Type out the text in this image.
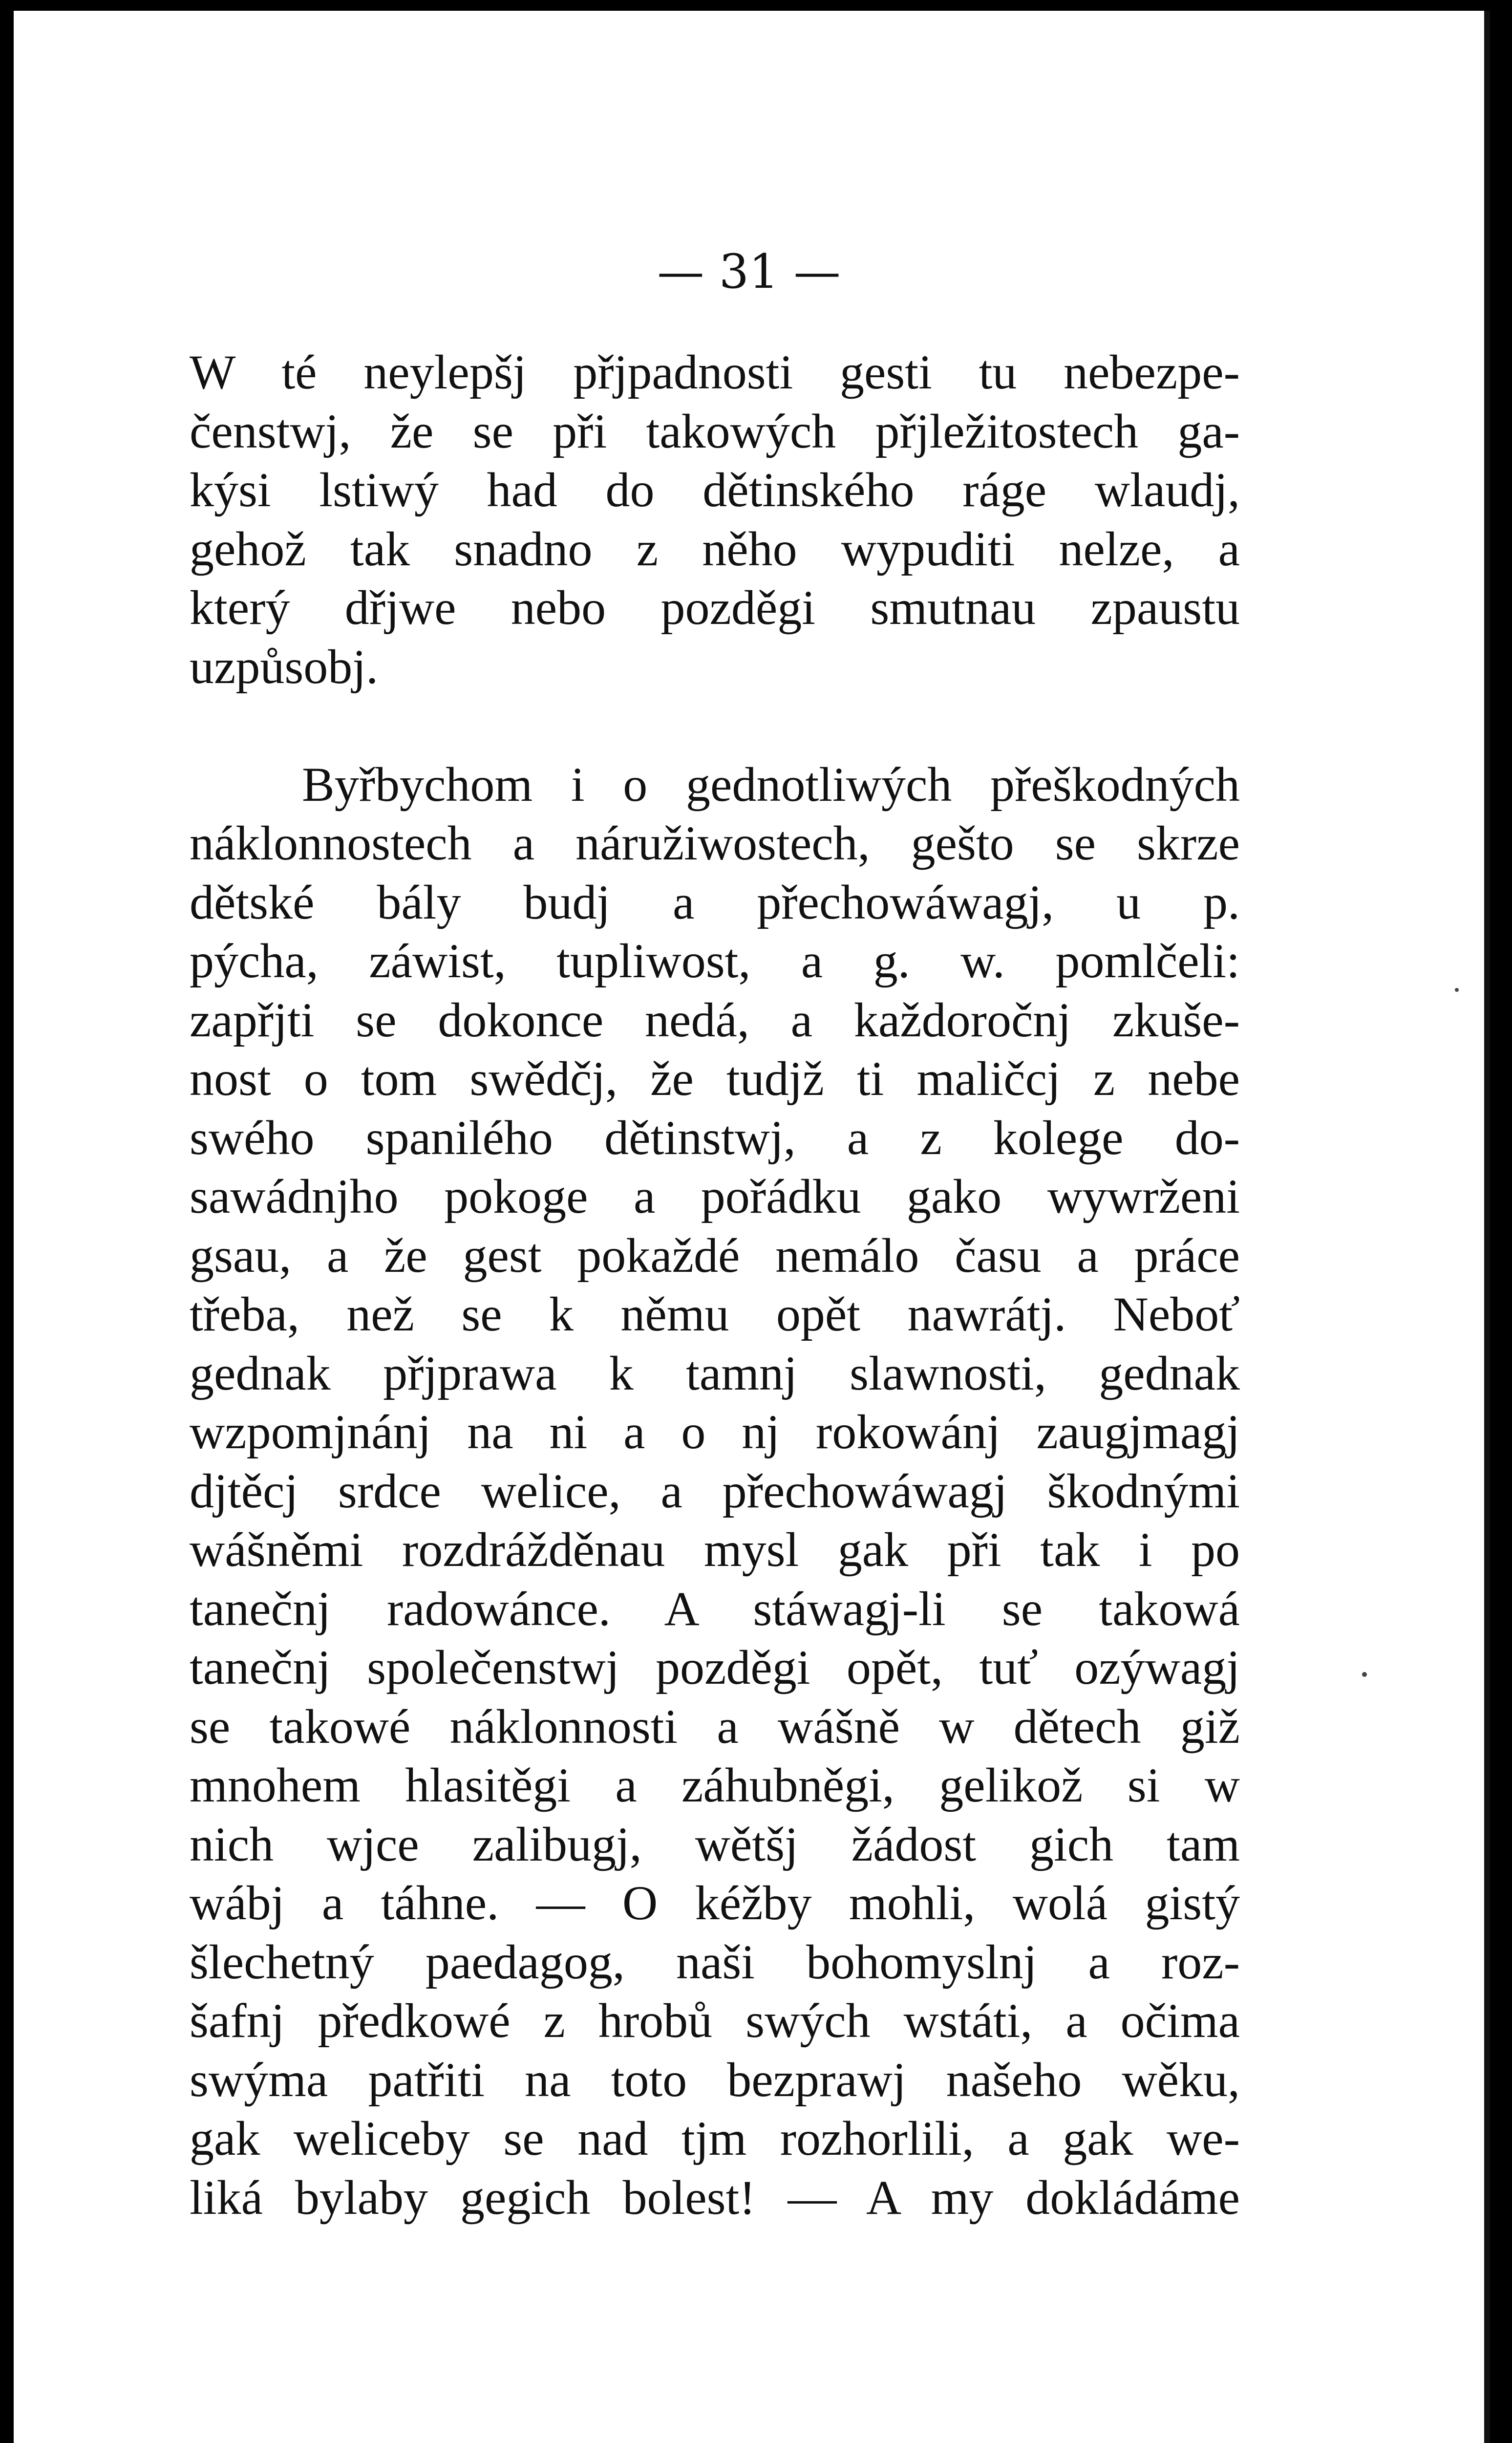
— 31 —
W té neylepšj přjpadnosti gesti tu nebezpe-
čenstwj, že se při takowých přjležitostech ga-
kýsi lstiwý had do dětinského ráge wlaudj,
gehož tak snadno z něho wypuditi nelze, a
který dřjwe nebo pozděgi smutnau zpaustu
uzpůsobj.
Byřbychom i o gednotliwých přeškodných
náklonnostech a náružiwostech, gešto se skrze
dětské bály budj a přechowáwagj, u p.
pýcha, záwist, tupliwost, a g. w. pomlčeli:
zapřjti se dokonce nedá, a každoročnj zkuše-
nost o tom swědčj, že tudjž ti maličcj z nebe
swého spanilého dětinstwj, a z kolege do-
sawádnjho pokoge a pořádku gako wywrženi
gsau, a že gest pokaždé nemálo času a práce
třeba, než se k němu opět nawrátj. Neboť
gednak přjprawa k tamnj slawnosti, gednak
wzpomjnánj na ni a o nj rokowánj zaugjmagj
djtěcj srdce welice, a přechowáwagj škodnými
wášněmi rozdrážděnau mysl gak při tak i po
tanečnj radowánce. A stáwagj-li se takowá
tanečnj společenstwj pozděgi opět, tuť ozýwagj
se takowé náklonnosti a wášně w dětech giž
mnohem hlasitěgi a záhubněgi, gelikož si w
nich wjce zalibugj, wětšj žádost gich tam
wábj a táhne. — O kéžby mohli, wolá gistý
šlechetný paedagog, naši bohomyslnj a roz-
šafnj předkowé z hrobů swých wstáti, a očima
swýma patřiti na toto bezprawj našeho wěku,
gak weliceby se nad tjm rozhorlili, a gak we-
liká bylaby gegich bolest! — A my dokládáme
